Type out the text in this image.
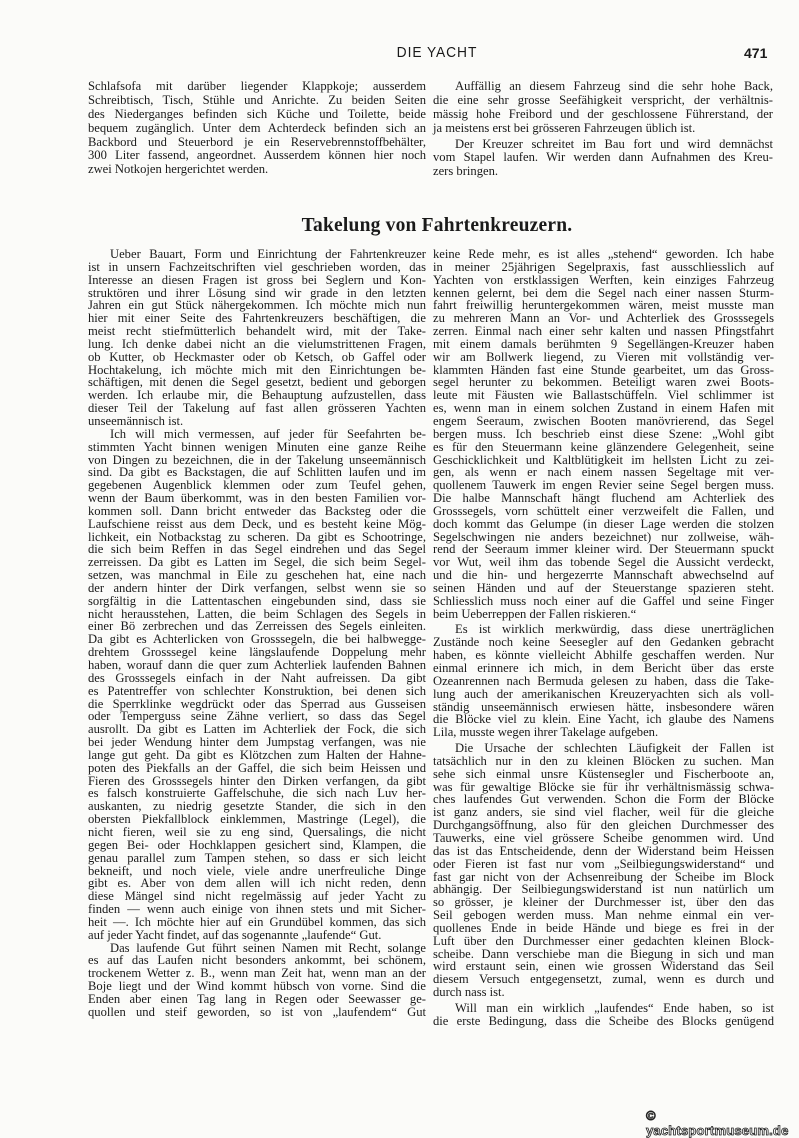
DIE YACHT	471
Schlafsofa mit darüber liegender Klappkoje; ausserdem
Schreibtisch, Tisch, Stühle und Anrichte. Zu beiden Seiten
des Niederganges befinden sich Küche und Toilette, beide
bequem zugänglich. Unter dem Achterdeck befinden sich an
Backbord und Steuerbord je ein Reservebrennstoffbehälter,
300 Liter fassend, angeordnet. Ausserdem können hier noch
zwei Notkojen hergerichtet werden.
Auffällig an diesem Fahrzeug sind die sehr hohe Back,
die eine sehr grosse Seefähigkeit verspricht, der verhältnis-
mässig hohe Freibord und der geschlossene Führerstand, der
ja meistens erst bei grösseren Fahrzeugen üblich ist.
Der Kreuzer schreitet im Bau fort und wird demnächst
vom Stapel laufen. Wir werden dann Aufnahmen des Kreu-
zers bringen.
Takelung von Fahrtenkreuzern.
Ueber Bauart, Form und Einrichtung der Fahrtenkreuzer
ist in unsern Fachzeitschriften viel geschrieben worden, das
Interesse an diesen Fragen ist gross bei Seglern und Kon-
struktören und ihrer Lösung sind wir grade in den letzten
Jahren ein gut Stück nähergekommen. Ich möchte mich nun
hier mit einer Seite des Fahrtenkreuzers beschäftigen, die
meist recht stiefmütterlich behandelt wird, mit der Take-
lung. Ich denke dabei nicht an die vielumstrittenen Fragen,
ob Kutter, ob Heckmaster oder ob Ketsch, ob Gaffel oder
Hochtakelung, ich möchte mich mit den Einrichtungen be-
schäftigen, mit denen die Segel gesetzt, bedient und geborgen
werden. Ich erlaube mir, die Behauptung aufzustellen, dass
dieser Teil der Takelung auf fast allen grösseren Yachten
unseemännisch ist.
Ich will mich vermessen, auf jeder für Seefahrten be-
stimmten Yacht binnen wenigen Minuten eine ganze Reihe
von Dingen zu bezeichnen, die in der Takelung unseemännisch
sind. Da gibt es Backstagen, die auf Schlitten laufen und im
gegebenen Augenblick klemmen oder zum Teufel gehen,
wenn der Baum überkommt, was in den besten Familien vor-
kommen soll. Dann bricht entweder das Backsteg oder die
Laufschiene reisst aus dem Deck, und es besteht keine Mög-
lichkeit, ein Notbackstag zu scheren. Da gibt es Schootringe,
die sich beim Reffen in das Segel eindrehen und das Segel
zerreissen. Da gibt es Latten im Segel, die sich beim Segel-
setzen, was manchmal in Eile zu geschehen hat, eine nach
der andern hinter der Dirk verfangen, selbst wenn sie so
sorgfältig in die Lattentaschen eingebunden sind, dass sie
nicht herausstehen, Latten, die beim Schlagen des Segels in
einer Bö zerbrechen und das Zerreissen des Segels einleiten.
Da gibt es Achterlicken von Grosssegeln, die bei halbwegge-
drehtem Grosssegel keine längslaufende Doppelung mehr
haben, worauf dann die quer zum Achterliek laufenden Bahnen
des Grosssegels einfach in der Naht aufreissen. Da gibt
es Patentreffer von schlechter Konstruktion, bei denen sich
die Sperrklinke wegdrückt oder das Sperrad aus Gusseisen
oder Temperguss seine Zähne verliert, so dass das Segel
ausrollt. Da gibt es Latten im Achterliek der Fock, die sich
bei jeder Wendung hinter dem Jumpstag verfangen, was nie
lange gut geht. Da gibt es Klötzchen zum Halten der Hahne-
poten des Piekfalls an der Gaffel, die sich beim Heissen und
Fieren des Grosssegels hinter den Dirken verfangen, da gibt
es falsch konstruierte Gaffelschuhe, die sich nach Luv her-
auskanten, zu niedrig gesetzte Stander, die sich in den
obersten Piekfallblock einklemmen, Mastringe (Legel), die
nicht fieren, weil sie zu eng sind, Quersalings, die nicht
gegen Bei- oder Hochklappen gesichert sind, Klampen, die
genau parallel zum Tampen stehen, so dass er sich leicht
bekneift, und noch viele, viele andre unerfreuliche Dinge
gibt es. Aber von dem allen will ich nicht reden, denn
diese Mängel sind nicht regelmässig auf jeder Yacht zu
finden — wenn auch einige von ihnen stets und mit Sicher-
heit —. Ich möchte hier auf ein Grundübel kommen, das sich
auf jeder Yacht findet, auf das sogenannte „laufende“ Gut.
Das laufende Gut führt seinen Namen mit Recht, solange
es auf das Laufen nicht besonders ankommt, bei schönem,
trockenem Wetter z. B., wenn man Zeit hat, wenn man an der
Boje liegt und der Wind kommt hübsch von vorne. Sind die
Enden aber einen Tag lang in Regen oder Seewasser ge-
quollen und steif geworden, so ist von „laufendem“ Gut
keine Rede mehr, es ist alles „stehend“ geworden. Ich habe
in meiner 25jährigen Segelpraxis, fast ausschliesslich auf
Yachten von erstklassigen Werften, kein einziges Fahrzeug
kennen gelernt, bei dem die Segel nach einer nassen Sturm-
fahrt freiwillig heruntergekommen wären, meist musste man
zu mehreren Mann an Vor- und Achterliek des Grosssegels
zerren. Einmal nach einer sehr kalten und nassen Pfingstfahrt
mit einem damals berühmten 9 Segellängen-Kreuzer haben
wir am Bollwerk liegend, zu Vieren mit vollständig ver-
klammten Händen fast eine Stunde gearbeitet, um das Gross-
segel herunter zu bekommen. Beteiligt waren zwei Boots-
leute mit Fäusten wie Ballastschüffeln. Viel schlimmer ist
es, wenn man in einem solchen Zustand in einem Hafen mit
engem Seeraum, zwischen Booten manövrierend, das Segel
bergen muss. Ich beschrieb einst diese Szene: „Wohl gibt
es für den Steuermann keine glänzendere Gelegenheit, seine
Geschicklichkeit und Kaltblütigkeit im hellsten Licht zu zei-
gen, als wenn er nach einem nassen Segeltage mit ver-
quollenem Tauwerk im engen Revier seine Segel bergen muss.
Die halbe Mannschaft hängt fluchend am Achterliek des
Grosssegels, vorn schüttelt einer verzweifelt die Fallen, und
doch kommt das Gelumpe (in dieser Lage werden die stolzen
Segelschwingen nie anders bezeichnet) nur zollweise, wäh-
rend der Seeraum immer kleiner wird. Der Steuermann spuckt
vor Wut, weil ihm das tobende Segel die Aussicht verdeckt,
und die hin- und hergezerrte Mannschaft abwechselnd auf
seinen Händen und auf der Steuerstange spazieren steht.
Schliesslich muss noch einer auf die Gaffel und seine Finger
beim Ueberreppen der Fallen riskieren.“
Es ist wirklich merkwürdig, dass diese unerträglichen
Zustände noch keine Seesegler auf den Gedanken gebracht
haben, es könnte vielleicht Abhilfe geschaffen werden. Nur
einmal erinnere ich mich, in dem Bericht über das erste
Ozeanrennen nach Bermuda gelesen zu haben, dass die Take-
lung auch der amerikanischen Kreuzeryachten sich als voll-
ständig unseemännisch erwiesen hätte, insbesondere wären
die Blöcke viel zu klein. Eine Yacht, ich glaube des Namens
Lila, musste wegen ihrer Takelage aufgeben.
Die Ursache der schlechten Läufigkeit der Fallen ist
tatsächlich nur in den zu kleinen Blöcken zu suchen. Man
sehe sich einmal unsre Küstensegler und Fischerboote an,
was für gewaltige Blöcke sie für ihr verhältnismässig schwa-
ches laufendes Gut verwenden. Schon die Form der Blöcke
ist ganz anders, sie sind viel flacher, weil für die gleiche
Durchgangsöffnung, also für den gleichen Durchmesser des
Tauwerks, eine viel grössere Scheibe genommen wird. Und
das ist das Entscheidende, denn der Widerstand beim Heissen
oder Fieren ist fast nur vom „Seilbiegungswiderstand“ und
fast gar nicht von der Achsenreibung der Scheibe im Block
abhängig. Der Seilbiegungswiderstand ist nun natürlich um
so grösser, je kleiner der Durchmesser ist, über den das
Seil gebogen werden muss. Man nehme einmal ein ver-
quollenes Ende in beide Hände und biege es frei in der
Luft über den Durchmesser einer gedachten kleinen Block-
scheibe. Dann verschiebe man die Biegung in sich und man
wird erstaunt sein, einen wie grossen Widerstand das Seil
diesem Versuch entgegensetzt, zumal, wenn es durch und
durch nass ist.
Will man ein wirklich „laufendes“ Ende haben, so ist
die erste Bedingung, dass die Scheibe des Blocks genügend
© yachtsportmuseum.de
